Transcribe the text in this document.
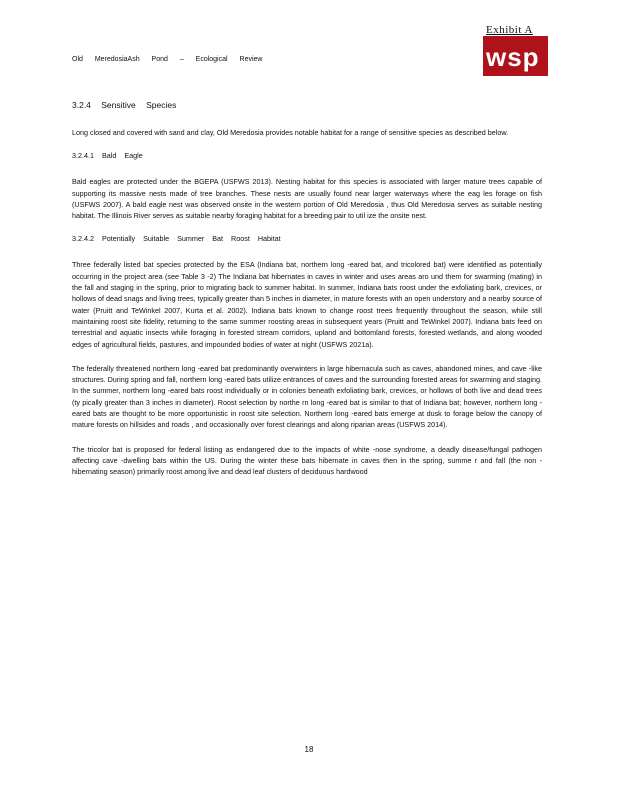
Exhibit A
Old MeredosiaAsh Pond – Ecological Review	wsp
3.2.4 Sensitive Species

Long closed and covered with sand and clay, Old Meredosia provides notable habitat for a range of sensitive species as described below.

3.2.4.1 Bald Eagle

Bald eagles are protected under the BGEPA (USFWS 2013). Nesting habitat for this species is associated with larger mature trees capable of supporting its massive nests made of tree branches. These nests are usually found near larger waterways where the eag les forage on fish (USFWS 2007). A bald eagle nest was observed onsite in the western portion of Old Meredosia , thus Old Meredosia serves as suitable nesting habitat. The Illinois River serves as suitable nearby foraging habitat for a breeding pair to util ize the onsite nest.

3.2.4.2 Potentially Suitable Summer Bat Roost Habitat

Three federally listed bat species protected by the ESA (Indiana bat, northern long -eared bat, and tricolored bat) were identified as potentially occurring in the project area (see Table 3 -2) The Indiana bat hibernates in caves in winter and uses areas aro und them for swarming (mating) in the fall and staging in the spring, prior to migrating back to summer habitat. In summer, Indiana bats roost under the exfoliating bark, crevices, or hollows of dead snags and living trees, typically greater than 5 inches in diameter, in mature forests with an open understory and a nearby source of water (Pruitt and TeWinkel 2007, Kurta et al. 2002). Indiana bats known to change roost trees frequently throughout the season, while still maintaining roost site fidelity, returning to the same summer roosting areas in subsequent years (Pruitt and TeWinkel 2007). Indiana bats feed on terrestrial and aquatic insects while foraging in forested stream corridors, upland and bottomland forests, forested wetlands, and along wooded edges of agricultural fields, pastures, and impounded bodies of water at night (USFWS 2021a).

The federally threatened northern long -eared bat predominantly overwinters in large hibernacula such as caves, abandoned mines, and cave -like structures. During spring and fall, northern long -eared bats utilize entrances of caves and the surrounding forested areas for swarming and staging. In the summer, northern long -eared bats roost individually or in colonies beneath exfoliating bark, crevices, or hollows of both live and dead trees (ty pically greater than 3 inches in diameter). Roost selection by northe rn long -eared bat is similar to that of Indiana bat; however, northern long -eared bats are thought to be more opportunistic in roost site selection. Northern long -eared bats emerge at dusk to forage below the canopy of mature forests on hillsides and roads , and occasionally over forest clearings and along riparian areas (USFWS 2014).

The tricolor bat is proposed for federal listing as endangered due to the impacts of white -nose syndrome, a deadly disease/fungal pathogen affecting cave -dwelling bats within the US. During the winter these bats hibernate in caves then in the spring, summe r and fall (the non - hibernating season) primarily roost among live and dead leaf clusters of deciduous hardwood

18
